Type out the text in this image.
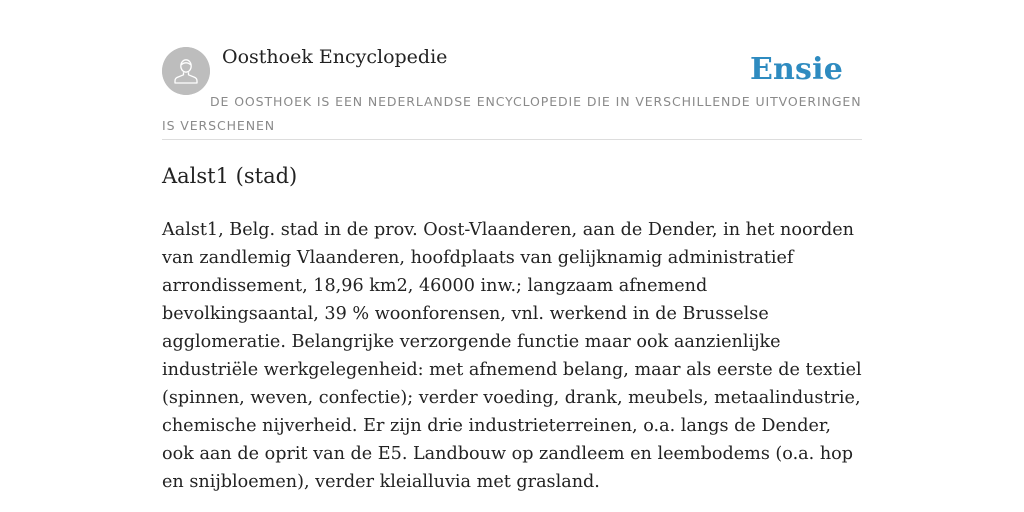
Oosthoek Encyclopedie	Ensie
DE OOSTHOEK IS EEN NEDERLANDSE ENCYCLOPEDIE DIE IN VERSCHILLENDE UITVOERINGEN IS VERSCHENEN
Aalst1 (stad)

Aalst1, Belg. stad in de prov. Oost-Vlaanderen, aan de Dender, in het noorden van zandlemig Vlaanderen, hoofdplaats van gelijknamig administratief arrondissement, 18,96 km2, 46000 inw.; langzaam afnemend bevolkingsaantal, 39 % woonforensen, vnl. werkend in de Brusselse agglomeratie. Belangrijke verzorgende functie maar ook aanzienlijke industriële werkgelegenheid: met afnemend belang, maar als eerste de textiel (spinnen, weven, confectie); verder voeding, drank, meubels, metaalindustrie, chemische nijverheid. Er zijn drie industrieterreinen, o.a. langs de Dender, ook aan de oprit van de E5. Landbouw op zandleem en leembodems (o.a. hop en snijbloemen), verder kleialluvia met grasland.
